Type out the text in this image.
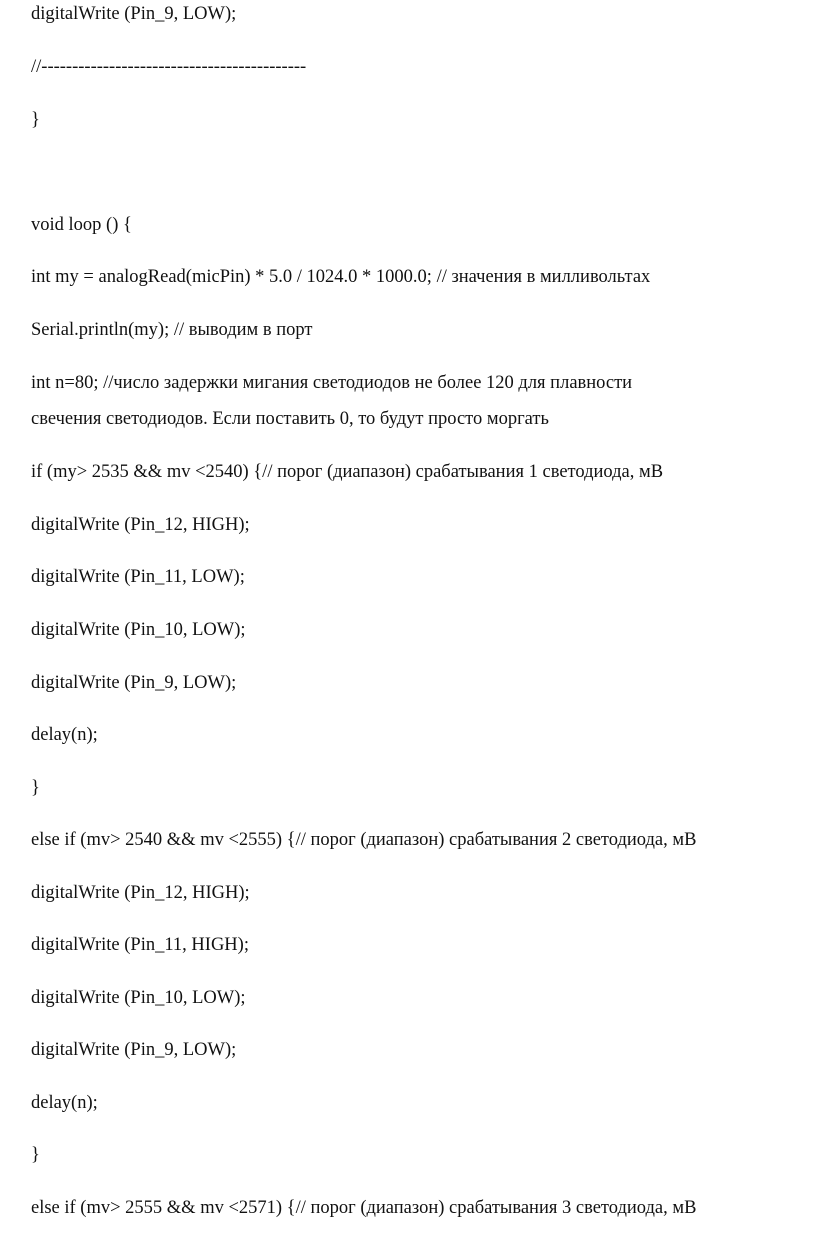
digitalWrite (Pin_9, LOW);
//-------------------------------------------
}
void loop () {
int my = analogRead(micPin) * 5.0 / 1024.0 * 1000.0; // значения в милливольтах
Serial.println(my); // выводим в порт
int n=80; //число задержки мигания светодиодов не более 120 для плавности
свечения светодиодов. Если поставить 0, то будут просто моргать
if (my> 2535 && mv <2540) {// порог (диапазон) срабатывания 1 светодиода, мВ
digitalWrite (Pin_12, HIGH);
digitalWrite (Pin_11, LOW);
digitalWrite (Pin_10, LOW);
digitalWrite (Pin_9, LOW);
delay(n);
}
else if (mv> 2540 && mv <2555) {// порог (диапазон) срабатывания 2 светодиода, мВ
digitalWrite (Pin_12, HIGH);
digitalWrite (Pin_11, HIGH);
digitalWrite (Pin_10, LOW);
digitalWrite (Pin_9, LOW);
delay(n);
}
else if (mv> 2555 && mv <2571) {// порог (диапазон) срабатывания 3 светодиода, мВ
